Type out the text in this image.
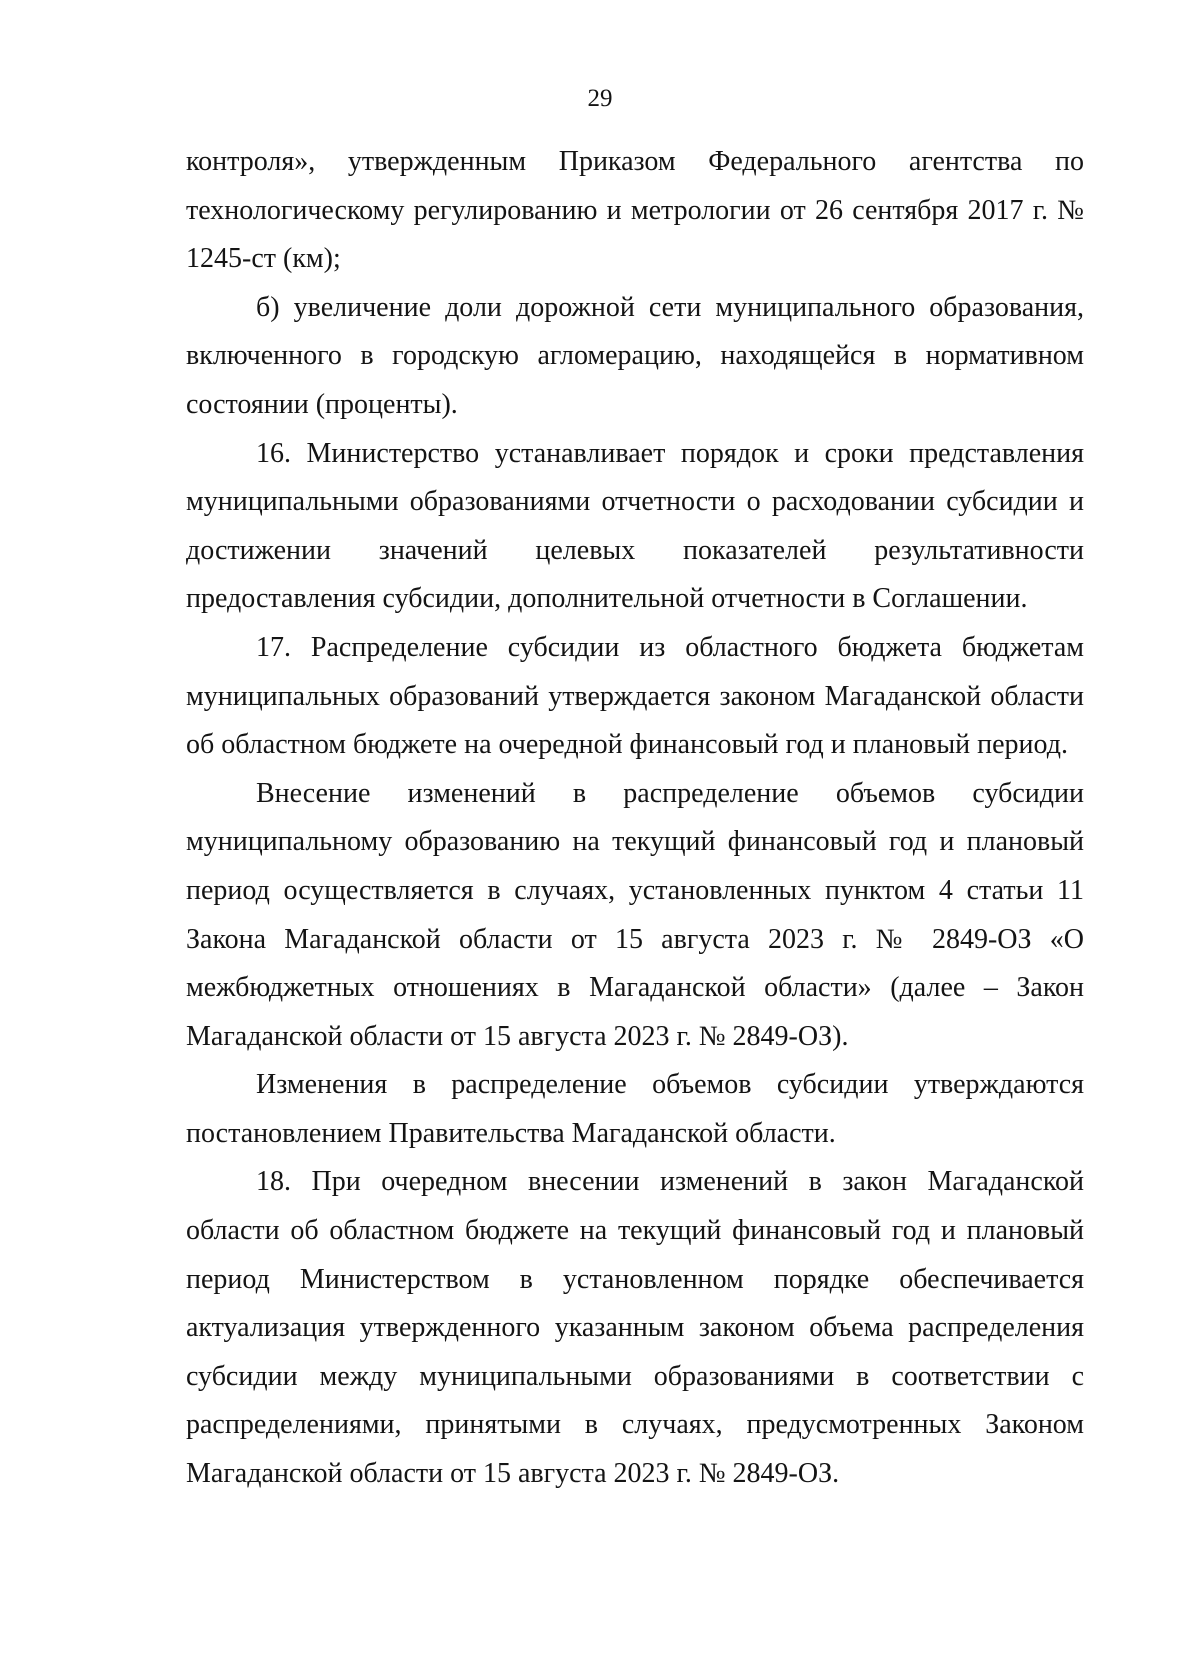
29

контроля», утвержденным Приказом Федерального агентства по технологическому регулированию и метрологии от 26 сентября 2017 г. № 1245-ст (км);

б) увеличение доли дорожной сети муниципального образования, включенного в городскую агломерацию, находящейся в нормативном состоянии (проценты).

16. Министерство устанавливает порядок и сроки представления муниципальными образованиями отчетности о расходовании субсидии и достижении значений целевых показателей результативности предоставления субсидии, дополнительной отчетности в Соглашении.

17. Распределение субсидии из областного бюджета бюджетам муниципальных образований утверждается законом Магаданской области об областном бюджете на очередной финансовый год и плановый период.

Внесение изменений в распределение объемов субсидии муниципальному образованию на текущий финансовый год и плановый период осуществляется в случаях, установленных пунктом 4 статьи 11 Закона Магаданской области от 15 августа 2023 г. № 2849-ОЗ «О межбюджетных отношениях в Магаданской области» (далее – Закон Магаданской области от 15 августа 2023 г. № 2849-ОЗ).

Изменения в распределение объемов субсидии утверждаются постановлением Правительства Магаданской области.

18. При очередном внесении изменений в закон Магаданской области об областном бюджете на текущий финансовый год и плановый период Министерством в установленном порядке обеспечивается актуализация утвержденного указанным законом объема распределения субсидии между муниципальными образованиями в соответствии с распределениями, принятыми в случаях, предусмотренных Законом Магаданской области от 15 августа 2023 г. № 2849-ОЗ.
